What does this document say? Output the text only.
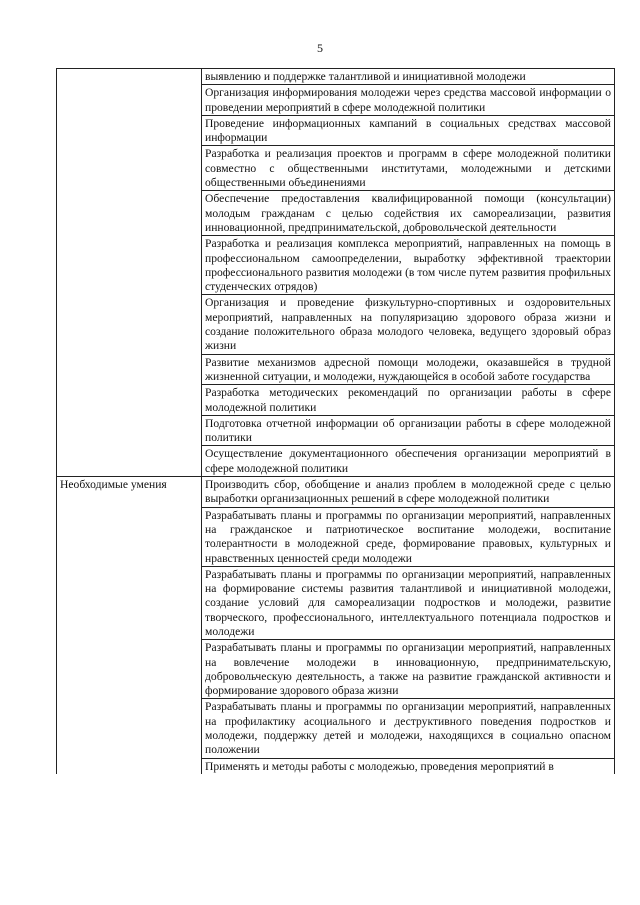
5
	выявлению и поддержке талантливой и инициативной молодежи
	Организация информирования молодежи через средства массовой информации о проведении мероприятий в сфере молодежной политики
	Проведение информационных кампаний в социальных средствах массовой информации
	Разработка и реализация проектов и программ в сфере молодежной политики совместно с общественными институтами, молодежными и детскими общественными объединениями
	Обеспечение предоставления квалифицированной помощи (консультации) молодым гражданам с целью содействия их самореализации, развития инновационной, предпринимательской, добровольческой деятельности
	Разработка и реализация комплекса мероприятий, направленных на помощь в профессиональном самоопределении, выработку эффективной траектории профессионального развития молодежи (в том числе путем развития профильных студенческих отрядов)
	Организация и проведение физкультурно-спортивных и оздоровительных мероприятий, направленных на популяризацию здорового образа жизни и создание положительного образа молодого человека, ведущего здоровый образ жизни
	Развитие механизмов адресной помощи молодежи, оказавшейся в трудной жизненной ситуации, и молодежи, нуждающейся в особой заботе государства
	Разработка методических рекомендаций по организации работы в сфере молодежной политики
	Подготовка отчетной информации об организации работы в сфере молодежной политики
	Осуществление документационного обеспечения организации мероприятий в сфере молодежной политики
Необходимые умения	Производить сбор, обобщение и анализ проблем в молодежной среде с целью выработки организационных решений в сфере молодежной политики
	Разрабатывать планы и программы по организации мероприятий, направленных на гражданское и патриотическое воспитание молодежи, воспитание толерантности в молодежной среде, формирование правовых, культурных и нравственных ценностей среди молодежи
	Разрабатывать планы и программы по организации мероприятий, направленных на формирование системы развития талантливой и инициативной молодежи, создание условий для самореализации подростков и молодежи, развитие творческого, профессионального, интеллектуального потенциала подростков и молодежи
	Разрабатывать планы и программы по организации мероприятий, направленных на вовлечение молодежи в инновационную, предпринимательскую, добровольческую деятельность, а также на развитие гражданской активности и формирование здорового образа жизни
	Разрабатывать планы и программы по организации мероприятий, направленных на профилактику асоциального и деструктивного поведения подростков и молодежи, поддержку детей и молодежи, находящихся в социально опасном положении
	Применять и методы работы с молодежью, проведения мероприятий в
